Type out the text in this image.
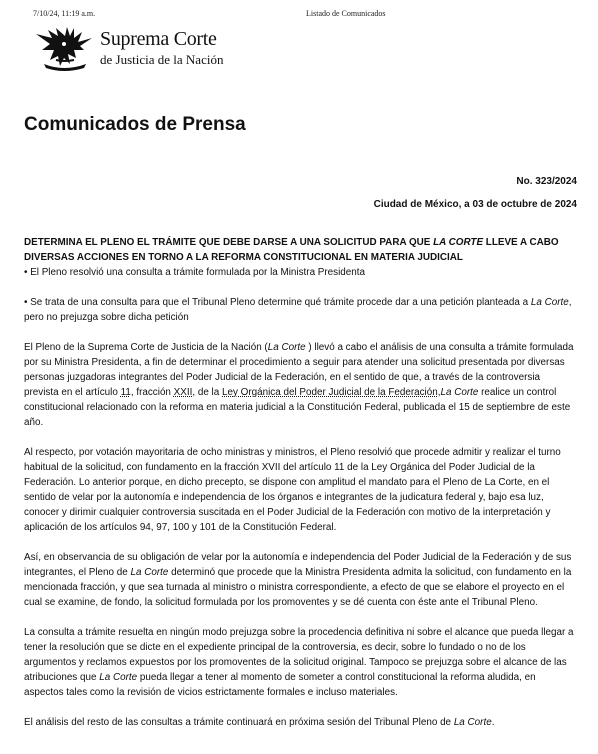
7/10/24, 11:19 a.m.	Listado de Comunicados
Suprema Corte
de Justicia de la Nación
Comunicados de Prensa
No. 323/2024
Ciudad de México, a 03 de octubre de 2024

DETERMINA EL PLENO EL TRÁMITE QUE DEBE DARSE A UNA SOLICITUD PARA QUE LA CORTE LLEVE A CABO DIVERSAS ACCIONES EN TORNO A LA REFORMA CONSTITUCIONAL EN MATERIA JUDICIAL

• El Pleno resolvió una consulta a trámite formulada por la Ministra Presidenta

• Se trata de una consulta para que el Tribunal Pleno determine qué trámite procede dar a una petición planteada a La Corte, pero no prejuzga sobre dicha petición

El Pleno de la Suprema Corte de Justicia de la Nación (La Corte ) llevó a cabo el análisis de una consulta a trámite formulada por su Ministra Presidenta, a fin de determinar el procedimiento a seguir para atender una solicitud presentada por diversas personas juzgadoras integrantes del Poder Judicial de la Federación, en el sentido de que, a través de la controversia prevista en el artículo 11, fracción XXII, de la Ley Orgánica del Poder Judicial de la Federación,La Corte realice un control constitucional relacionado con la reforma en materia judicial a la Constitución Federal, publicada el 15 de septiembre de este año.

Al respecto, por votación mayoritaria de ocho ministras y ministros, el Pleno resolvió que procede admitir y realizar el turno habitual de la solicitud, con fundamento en la fracción XVII del artículo 11 de la Ley Orgánica del Poder Judicial de la Federación. Lo anterior porque, en dicho precepto, se dispone con amplitud el mandato para el Pleno de La Corte, en el sentido de velar por la autonomía e independencia de los órganos e integrantes de la judicatura federal y, bajo esa luz, conocer y dirimir cualquier controversia suscitada en el Poder Judicial de la Federación con motivo de la interpretación y aplicación de los artículos 94, 97, 100 y 101 de la Constitución Federal.

Así, en observancia de su obligación de velar por la autonomía e independencia del Poder Judicial de la Federación y de sus integrantes, el Pleno de La Corte determinó que procede que la Ministra Presidenta admita la solicitud, con fundamento en la mencionada fracción, y que sea turnada al ministro o ministra correspondiente, a efecto de que se elabore el proyecto en el cual se examine, de fondo, la solicitud formulada por los promoventes y se dé cuenta con éste ante el Tribunal Pleno.

La consulta a trámite resuelta en ningún modo prejuzga sobre la procedencia definitiva ni sobre el alcance que pueda llegar a tener la resolución que se dicte en el expediente principal de la controversia, es decir, sobre lo fundado o no de los argumentos y reclamos expuestos por los promoventes de la solicitud original. Tampoco se prejuzga sobre el alcance de las atribuciones que La Corte pueda llegar a tener al momento de someter a control constitucional la reforma aludida, en aspectos tales como la revisión de vicios estrictamente formales e incluso materiales.

El análisis del resto de las consultas a trámite continuará en próxima sesión del Tribunal Pleno de La Corte.
